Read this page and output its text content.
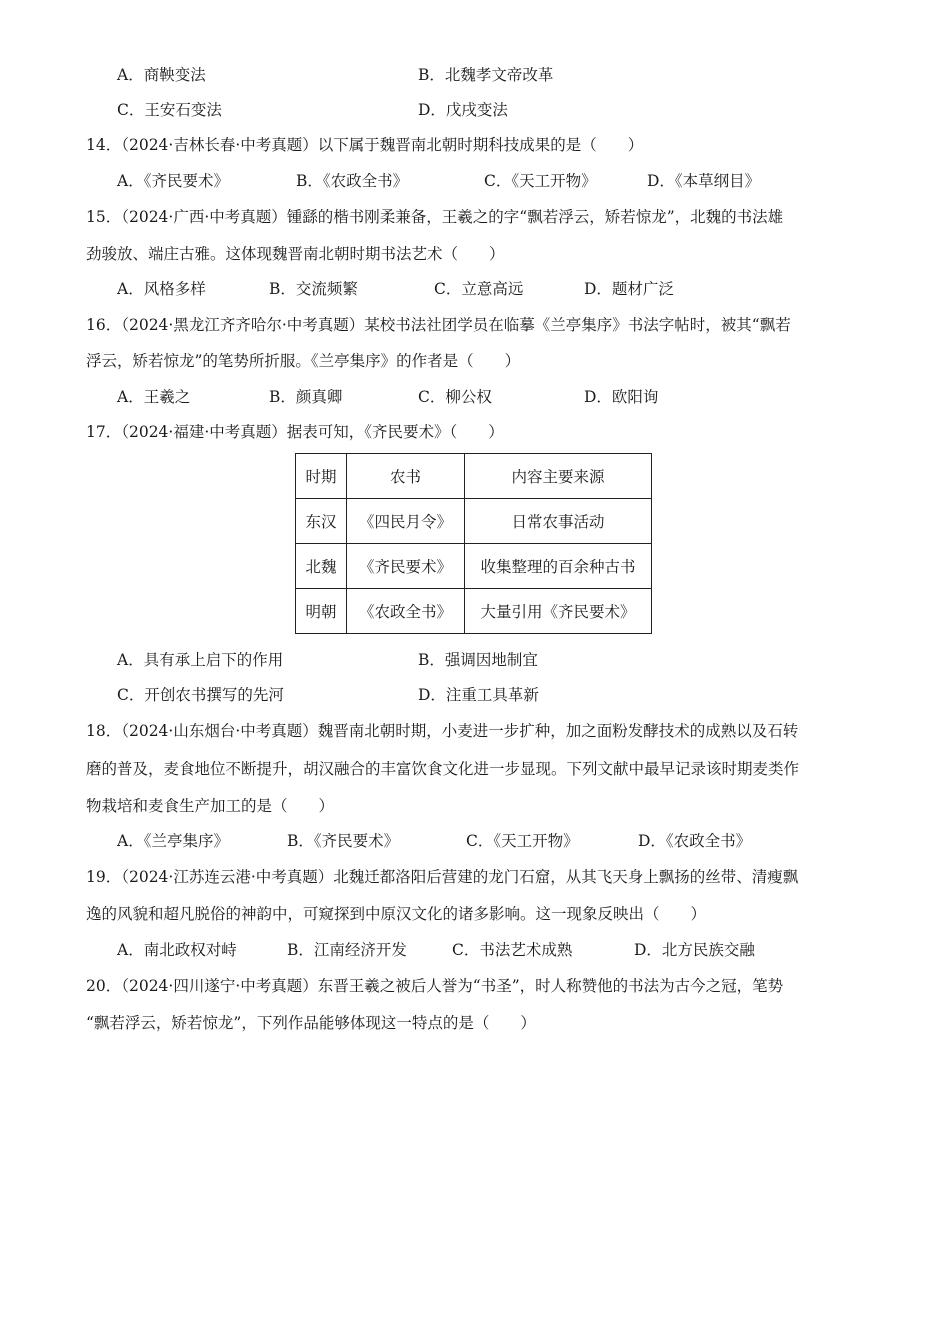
A．商鞅变法	B．北魏孝文帝改革
C．王安石变法	D．戊戌变法
14．（2024·吉林长春·中考真题）以下属于魏晋南北朝时期科技成果的是（　　）
A．《齐民要术》	B．《农政全书》	C．《天工开物》	D．《本草纲目》
15．（2024·广西·中考真题）锺繇的楷书刚柔兼备，王羲之的字“飘若浮云，矫若惊龙”，北魏的书法雄
劲骏放、端庄古雅。这体现魏晋南北朝时期书法艺术（　　）
A．风格多样	B．交流频繁	C．立意高远	D．题材广泛
16．（2024·黑龙江齐齐哈尔·中考真题）某校书法社团学员在临摹《兰亭集序》书法字帖时，被其“飘若
浮云，矫若惊龙”的笔势所折服。《兰亭集序》的作者是（　　）
A．王羲之	B．颜真卿	C．柳公权	D．欧阳询
17．（2024·福建·中考真题）据表可知，《齐民要术》（　　）
时期	农书	内容主要来源
东汉	《四民月令》	日常农事活动
北魏	《齐民要术》	收集整理的百余种古书
明朝	《农政全书》	大量引用《齐民要术》
A．具有承上启下的作用	B．强调因地制宜
C．开创农书撰写的先河	D．注重工具革新
18．（2024·山东烟台·中考真题）魏晋南北朝时期，小麦进一步扩种，加之面粉发酵技术的成熟以及石转
磨的普及，麦食地位不断提升，胡汉融合的丰富饮食文化进一步显现。下列文献中最早记录该时期麦类作
物栽培和麦食生产加工的是（　　）
A．《兰亭集序》	B．《齐民要术》	C．《天工开物》	D．《农政全书》
19．（2024·江苏连云港·中考真题）北魏迁都洛阳后营建的龙门石窟，从其飞天身上飘扬的丝带、清瘦飘
逸的风貌和超凡脱俗的神韵中，可窥探到中原汉文化的诸多影响。这一现象反映出（　　）
A．南北政权对峙	B．江南经济开发	C．书法艺术成熟	D．北方民族交融
20．（2024·四川遂宁·中考真题）东晋王羲之被后人誉为“书圣”，时人称赞他的书法为古今之冠，笔势
“飘若浮云，矫若惊龙”，下列作品能够体现这一特点的是（　　）
